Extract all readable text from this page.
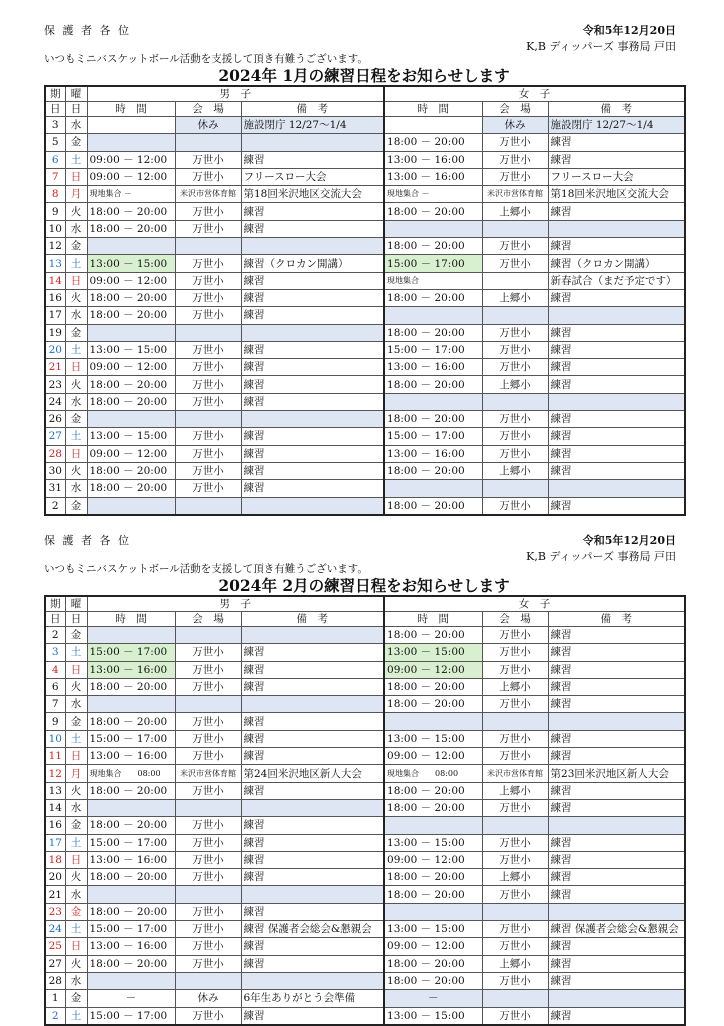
保 護 者 各 位	令和5年12月20日
K,B ディッパーズ 事務局 戸田
いつもミニバスケットボール活動を支援して頂き有難うございます。
2024年 1月の練習日程をお知らせします
期	曜	男　子			女　子		
日	日	時　間	会　場	備　考	時　間	会　場	備　考
3	水		休み	施設閉庁 12/27〜1/4		休み	施設閉庁 12/27〜1/4
5	金				18:00 － 20:00	万世小	練習
6	土	09:00 － 12:00	万世小	練習	13:00 － 16:00	万世小	練習
7	日	09:00 － 12:00	万世小	フリースロー大会	13:00 － 16:00	万世小	フリースロー大会
8	月	現地集合 －	米沢市営体育館	第18回米沢地区交流大会	現地集合 －	米沢市営体育館	第18回米沢地区交流大会
9	火	18:00 － 20:00	万世小	練習	18:00 － 20:00	上郷小	練習
10	水	18:00 － 20:00	万世小	練習			
12	金				18:00 － 20:00	万世小	練習
13	土	13:00 － 15:00	万世小	練習（クロカン開講）	15:00 － 17:00	万世小	練習（クロカン開講）
14	日	09:00 － 12:00	万世小	練習	現地集合		新春試合（まだ予定です）
16	火	18:00 － 20:00	万世小	練習	18:00 － 20:00	上郷小	練習
17	水	18:00 － 20:00	万世小	練習			
19	金				18:00 － 20:00	万世小	練習
20	土	13:00 － 15:00	万世小	練習	15:00 － 17:00	万世小	練習
21	日	09:00 － 12:00	万世小	練習	13:00 － 16:00	万世小	練習
23	火	18:00 － 20:00	万世小	練習	18:00 － 20:00	上郷小	練習
24	水	18:00 － 20:00	万世小	練習			
26	金				18:00 － 20:00	万世小	練習
27	土	13:00 － 15:00	万世小	練習	15:00 － 17:00	万世小	練習
28	日	09:00 － 12:00	万世小	練習	13:00 － 16:00	万世小	練習
30	火	18:00 － 20:00	万世小	練習	18:00 － 20:00	上郷小	練習
31	水	18:00 － 20:00	万世小	練習			
2	金				18:00 － 20:00	万世小	練習
保 護 者 各 位	令和5年12月20日
K,B ディッパーズ 事務局 戸田
いつもミニバスケットボール活動を支援して頂き有難うございます。
2024年 2月の練習日程をお知らせします
期	曜	男　子			女　子		
日	日	時　間	会　場	備　考	時　間	会　場	備　考
2	金				18:00 － 20:00	万世小	練習
3	土	15:00 － 17:00	万世小	練習	13:00 － 15:00	万世小	練習
4	日	13:00 － 16:00	万世小	練習	09:00 － 12:00	万世小	練習
6	火	18:00 － 20:00	万世小	練習	18:00 － 20:00	上郷小	練習
7	水				18:00 － 20:00	万世小	練習
9	金	18:00 － 20:00	万世小	練習			
10	土	15:00 － 17:00	万世小	練習	13:00 － 15:00	万世小	練習
11	日	13:00 － 16:00	万世小	練習	09:00 － 12:00	万世小	練習
12	月	現地集合　　08:00	米沢市営体育館	第24回米沢地区新人大会	現地集合　　08:00	米沢市営体育館	第23回米沢地区新人大会
13	火	18:00 － 20:00	万世小	練習	18:00 － 20:00	上郷小	練習
14	水				18:00 － 20:00	万世小	練習
16	金	18:00 － 20:00	万世小	練習			
17	土	15:00 － 17:00	万世小	練習	13:00 － 15:00	万世小	練習
18	日	13:00 － 16:00	万世小	練習	09:00 － 12:00	万世小	練習
20	火	18:00 － 20:00	万世小	練習	18:00 － 20:00	上郷小	練習
21	水				18:00 － 20:00	万世小	練習
23	金	18:00 － 20:00	万世小	練習			
24	土	15:00 － 17:00	万世小	練習 保護者会総会&懇親会	13:00 － 15:00	万世小	練習 保護者会総会&懇親会
25	日	13:00 － 16:00	万世小	練習	09:00 － 12:00	万世小	練習
27	火	18:00 － 20:00	万世小	練習	18:00 － 20:00	上郷小	練習
28	水				18:00 － 20:00	万世小	練習
1	金	－	休み	6年生ありがとう会準備	－		
2	土	15:00 － 17:00	万世小	練習	13:00 － 15:00	万世小	練習
